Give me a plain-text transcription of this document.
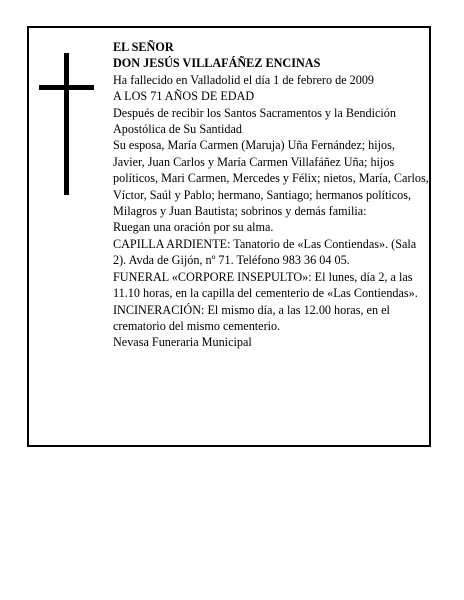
EL SEÑOR

DON JESÚS VILLAFÁÑEZ ENCINAS

Ha fallecido en Valladolid el día 1 de febrero de 2009

A LOS 71 AÑOS DE EDAD

Después de recibir los Santos Sacramentos y la Bendición Apostólica de Su Santidad

Su esposa, María Carmen (Maruja) Uña Fernández; hijos, Javier, Juan Carlos y María Carmen Villafáñez Uña; hijos políticos, Mari Carmen, Mercedes y Félix; nietos, María, Carlos, Víctor, Saúl y Pablo; hermano, Santiago; hermanos políticos, Milagros y Juan Bautista; sobrinos y demás familia:

Ruegan una oración por su alma.

CAPILLA ARDIENTE: Tanatorio de «Las Contiendas». (Sala 2). Avda de Gijón, nº 71. Teléfono 983 36 04 05.

FUNERAL «CORPORE INSEPULTO»: El lunes, día 2, a las 11.10 horas, en la capilla del cementerio de «Las Contiendas».

INCINERACIÓN: El mismo día, a las 12.00 horas, en el crematorio del mismo cementerio.

Nevasa Funeraria Municipal
